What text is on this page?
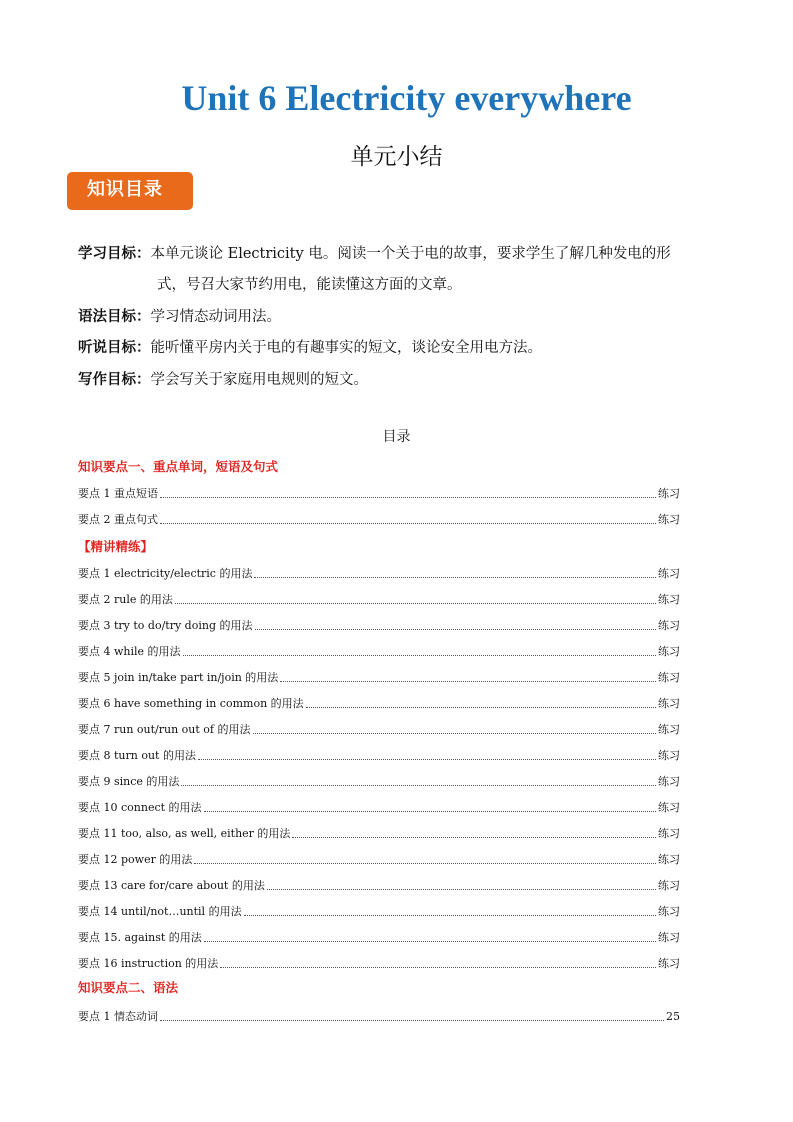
Unit 6 Electricity everywhere
单元小结
知识目录
学习目标：本单元谈论 Electricity 电。阅读一个关于电的故事，要求学生了解几种发电的形
式，号召大家节约用电，能读懂这方面的文章。
语法目标：学习情态动词用法。
听说目标：能听懂平房内关于电的有趣事实的短文，谈论安全用电方法。
写作目标：学会写关于家庭用电规则的短文。
目录
知识要点一、重点单词，短语及句式
要点 1 重点短语	练习
要点 2 重点句式	练习
【精讲精练】
要点 1 electricity/electric 的用法	练习
要点 2 rule 的用法	练习
要点 3 try to do/try doing 的用法	练习
要点 4 while 的用法	练习
要点 5 join in/take part in/join 的用法	练习
要点 6 have something in common 的用法	练习
要点 7 run out/run out of 的用法	练习
要点 8 turn out 的用法	练习
要点 9 since 的用法	练习
要点 10 connect 的用法	练习
要点 11 too, also, as well, either 的用法	练习
要点 12 power 的用法	练习
要点 13 care for/care about 的用法	练习
要点 14 until/not…until 的用法	练习
要点 15. against 的用法	练习
要点 16 instruction 的用法	练习
知识要点二、语法
要点 1 情态动词	25
